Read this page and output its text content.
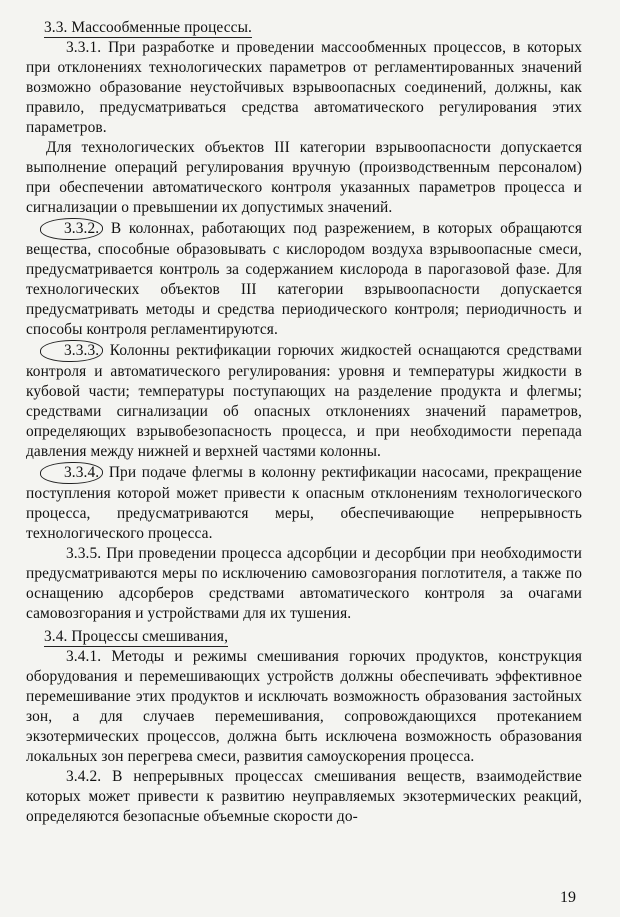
3.3. Массообменные процессы.

3.3.1. При разработке и проведении массообменных процессов, в которых при отклонениях технологических параметров от регламентированных значений возможно образование неустойчивых взрывоопасных соединений, должны, как правило, предусматриваться средства автоматического регулирования этих параметров.

Для технологических объектов III категории взрывоопасности допускается выполнение операций регулирования вручную (производственным персоналом) при обеспечении автоматического контроля указанных параметров процесса и сигнализации о превышении их допустимых значений.

3.3.2. В колоннах, работающих под разрежением, в которых обращаются вещества, способные образовывать с кислородом воздуха взрывоопасные смеси, предусматривается контроль за содержанием кислорода в парогазовой фазе. Для технологических объектов III категории взрывоопасности допускается предусматривать методы и средства периодического контроля; периодичность и способы контроля регламентируются.

3.3.3. Колонны ректификации горючих жидкостей оснащаются средствами контроля и автоматического регулирования: уровня и температуры жидкости в кубовой части; температуры поступающих на разделение продукта и флегмы; средствами сигнализации об опасных отклонениях значений параметров, определяющих взрывобезопасность процесса, и при необходимости перепада давления между нижней и верхней частями колонны.

3.3.4. При подаче флегмы в колонну ректификации насосами, прекращение поступления которой может привести к опасным отклонениям технологического процесса, предусматриваются меры, обеспечивающие непрерывность технологического процесса.

3.3.5. При проведении процесса адсорбции и десорбции при необходимости предусматриваются меры по исключению самовозгорания поглотителя, а также по оснащению адсорберов средствами автоматического контроля за очагами самовозгорания и устройствами для их тушения.

3.4. Процессы смешивания,

3.4.1. Методы и режимы смешивания горючих продуктов, конструкция оборудования и перемешивающих устройств должны обеспечивать эффективное перемешивание этих продуктов и исключать возможность образования застойных зон, а для случаев перемешивания, сопровождающихся протеканием экзотермических процессов, должна быть исключена возможность образования локальных зон перегрева смеси, развития самоускорения процесса.

3.4.2. В непрерывных процессах смешивания веществ, взаимодействие которых может привести к развитию неуправляемых экзотермических реакций, определяются безопасные объемные скорости до-

19
